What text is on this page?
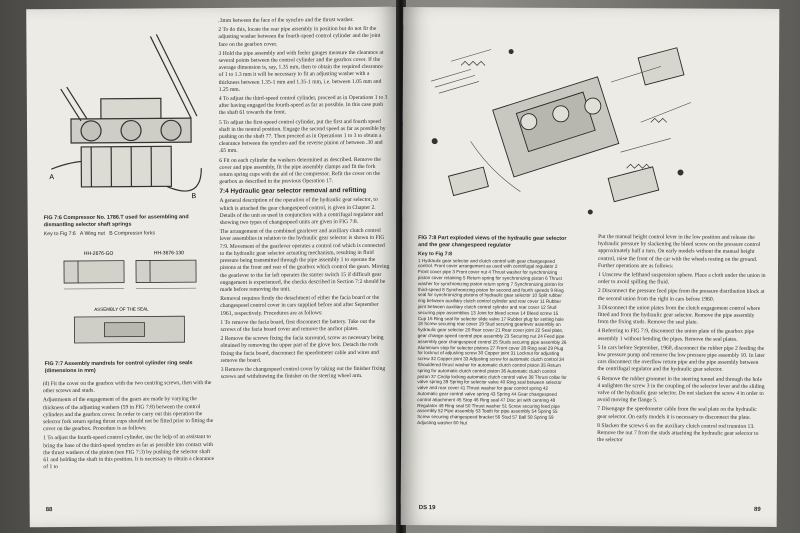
A
B
FIG 7:6 Compressor No. 1786.T used for assembling and dismantling selector shaft springs
Key to Fig 7:6 A Wing nut B Compressor forks
HH-2676-GO	HH-3676-130
ASSEMBLY OF THE SEAL
FIG 7:7 Assembly mandrels for control cylinder ring seals (dimensions in mm)

(d) Fit the cover on the gearbox with the two centring screws, then with the other screws and studs.

Adjustments of the engagement of the gears are made by varying the thickness of the adjusting washers (59 in FIG 7:8) between the control cylinders and the gearbox cover. In order to carry out this operation the selector fork return spring thrust cups should not be fitted prior to fitting the cover on the gearbox. Procedure is as follows:

1 To adjust the fourth-speed control cylinder, use the help of an assistant to bring the base of the third-speed synchro as far as possible into contact with the thrust washers of the pinion (see FIG 7:3) by pushing the selector shaft 61 and holding the shaft in this position. It is necessary to obtain a clearance of 1 to

.3mm between the face of the synchro and the thrust washer.

2 To do this, locate the rear pipe assembly in position but do not fit the adjusting washer between the fourth-speed control cylinder and the joint face on the gearbox cover.

3 Hold the pipe assembly and with feeler gauges measure the clearance at several points between the control cylinder and the gearbox cover. If the average dimension is, say, 1.35 mm, then to obtain the required clearance of 1 to 1.3 mm it will be necessary to fit an adjusting washer with a thickness between 1.35-1 mm and 1.35-1 mm, i.e. between 1.05 mm and 1.25 mm.

4 To adjust the third-speed control cylinder, proceed as in Operations 1 to 3 after having engaged the fourth-speed as far as possible. In this case push the shaft 61 towards the front.

5 To adjust the first-speed control cylinder, put the first and fourth speed shaft in the neutral position. Engage the second speed as far as possible by pushing on the shaft 77. Then proceed as in Operations 1 to 3 to obtain a clearance between the synchro and the reverse pinion of between .30 and .65 mm.

6 Fit on each cylinder the washers determined as described. Remove the cover and pipe assembly, fit the pipe assembly clamps and fit the fork return spring cups with the aid of the compressor. Refit the cover on the gearbox as described in the previous Operation 17.

7:4 Hydraulic gear selector removal and refitting

A general description of the operation of the hydraulic gear selector, to which is attached the gear changespeed control, is given in Chapter 2. Details of the unit as used in conjunction with a centrifugal regulator and showing two types of changespeed units are given in FIG 7:8.

The arrangement of the combined gearlever and auxiliary clutch control lever assemblies in relation to the hydraulic gear selector is shown in FIG 7:9. Movement of the gearlever operates a control rod which is connected to the hydraulic gear selector actuating mechanism, resulting in fluid pressure being transmitted through the pipe assembly 1 to operate the pistons at the front and rear of the gearbox which control the gears. Moving the gearlever to the far left operates the starter switch 15 if difficult gear engagement is experienced, the checks described in Section 7:2 should be made before removing the unit.

Removal requires firstly the detachment of either the facia board or the changespeed control cover in cars supplied before and after September 1961, respectively. Procedures are as follows:

1 To remove the facia board, first disconnect the battery. Take out the screws of the facia board cover and remove the anchor plates.

2 Remove the screws fixing the facia surround, screw as necessary being obtained by removing the upper part of the glove box. Detach the rods fixing the facia board, disconnect the speedometer cable and wires and remove the board.

3 Remove the changespeed control cover by taking out the finisher fixing screws and withdrawing the finisher on the steering wheel arm.

88
FIG 7:8 Part exploded views of the hydraulic gear selector and the gear changespeed regulator
Key to Fig 7:8
1 Hydraulic gear selector and clutch control with gear changespeed control. Front cover arrangement as used with centrifugal regulator 2 Front cover pipe 3 Front cover nut 4 Thrust washer for synchronizing piston cover retaining 5 Return spring for synchronizing piston 6 Thrust washer for synchronizing piston return spring 7 Synchronizing piston for third-speed 8 Synchronizing piston for second and fourth speeds 9 Ring seal for synchronizing pistons of hydraulic gear selector 10 Split rubber ring between auxiliary clutch control cylinder and rear cover 11 Rubber joint between auxiliary clutch control cylinder and rear cover 12 Stud securing pipe assemblies 13 Joint for bleed screw 14 Bleed screw 15 Cup 16 Ring seal for selector slide valve 17 Rubber plug for setting hole 18 Screw securing rear cover 19 Stud securing gearlever assembly on hydraulic gear selector 20 Rear cover 21 Rear cover joint 22 Seal plate, gear change-speed control pipe assembly 23 Securing nut 24 Feed pipe assembly gear changespeed control 25 Studs securing pipe assembly 26 Aluminium stop for selector pistons 27 Front cover 28 Ring seal 29 Plug for locknut of adjusting screw 30 Copper joint 31 Locknut for adjusting screw 32 Copper joint 33 Adjusting screw for automatic clutch control 34 Shouldered thrust washer for automatic clutch control piston 35 Return spring for automatic clutch control piston 36 Automatic clutch control piston 37 Circlip locking automatic clutch control valve 38 Thrust collar for valve spring 39 Spring for selector valve 40 Ring seal between selector valve and rear cover 41 Thrust washer for gear control spring 42 Automatic gear control valve spring 43 Spring 44 Gear changespeed control attachment 45 Stop 46 Ring seal 47 Disc jet with centring 48 Regulator 49 Ring seal 50 Thrust washer 51 Screw securing feed pipe assembly 52 Pipe assembly 53 Tooth for pipe assembly 54 Spring 55 Screw securing changespeed bracket 56 Stud 57 Ball 58 Spring 59 Adjusting washer 60 Nut

Put the manual height control lever in the low position and release the hydraulic pressure by slackening the bleed screw on the pressure control approximately half a turn. On early models without the manual height control, raise the front of the car with the wheels resting on the ground. Further operations are as follows:

1 Unscrew the lefthand suspension sphere. Place a cloth under the union in order to avoid spilling the fluid.

2 Disconnect the pressure feed pipe from the pressure distribution block at the second union from the right in cars before 1960.

3 Disconnect the union plates from the clutch engagement control where fitted and from the hydraulic gear selector. Remove the pipe assembly from the fixing studs. Remove the seal plate.

4 Referring to FIG 7:9, disconnect the union plate of the gearbox pipe assembly 1 without bending the pipes. Remove the seal plates.

5 In cars before September, 1960, disconnect the rubber pipe 2 feeding the low pressure pump and remove the low pressure pipe assembly 10. In later cars disconnect the overflow return pipe and the pipe assembly between the centrifugal regulator and the hydraulic gear selector.

6 Remove the rubber grommet in the steering tunnel and through the hole 4 unlighten the screw 3 in the coupling of the selector lever and the sliding valve of the hydraulic gear selector. Do not slacken the screw 4 in order to avoid moving the flange 5.

7 Disengage the speedometer cable from the seal plate on the hydraulic gear selector. On early models it is necessary to disconnect the plate.

8 Slacken the screws 6 on the auxiliary clutch control rod trunnion 13. Remove the nut 7 from the studs attaching the hydraulic gear selector to the selector

DS 19	89
